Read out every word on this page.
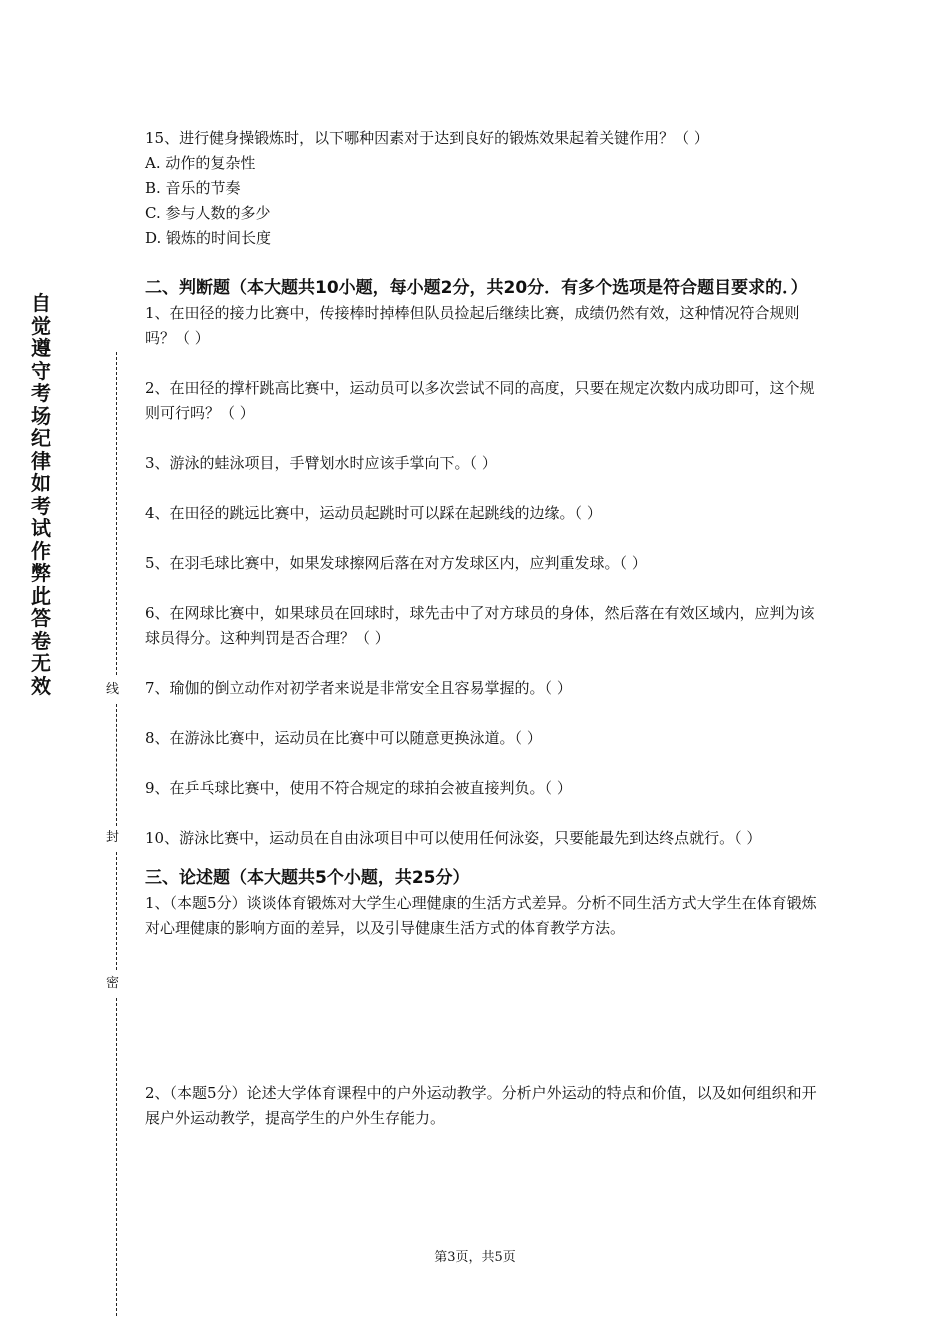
自
觉
遵
守
考
场
纪
律
如
考
试
作
弊
此
答
卷
无
效	线
封
密

15、进行健身操锻炼时，以下哪种因素对于达到良好的锻炼效果起着关键作用？（ ）

A. 动作的复杂性

B. 音乐的节奏

C. 参与人数的多少

D. 锻炼的时间长度

二、判断题（本大题共10小题，每小题2分，共20分．有多个选项是符合题目要求的．）

1、在田径的接力比赛中，传接棒时掉棒但队员捡起后继续比赛，成绩仍然有效，这种情况符合规则吗？（ ）

2、在田径的撑杆跳高比赛中，运动员可以多次尝试不同的高度，只要在规定次数内成功即可，这个规则可行吗？（ ）

3、游泳的蛙泳项目，手臂划水时应该手掌向下。（ ）

4、在田径的跳远比赛中，运动员起跳时可以踩在起跳线的边缘。（ ）

5、在羽毛球比赛中，如果发球擦网后落在对方发球区内，应判重发球。（ ）

6、在网球比赛中，如果球员在回球时，球先击中了对方球员的身体，然后落在有效区域内，应判为该球员得分。这种判罚是否合理？（ ）

7、瑜伽的倒立动作对初学者来说是非常安全且容易掌握的。（ ）

8、在游泳比赛中，运动员在比赛中可以随意更换泳道。（ ）

9、在乒乓球比赛中，使用不符合规定的球拍会被直接判负。（ ）

10、游泳比赛中，运动员在自由泳项目中可以使用任何泳姿，只要能最先到达终点就行。（ ）

三、论述题（本大题共5个小题，共25分）

1、（本题5分）谈谈体育锻炼对大学生心理健康的生活方式差异。分析不同生活方式大学生在体育锻炼对心理健康的影响方面的差异，以及引导健康生活方式的体育教学方法。

2、（本题5分）论述大学体育课程中的户外运动教学。分析户外运动的特点和价值，以及如何组织和开展户外运动教学，提高学生的户外生存能力。

第3页，共5页
